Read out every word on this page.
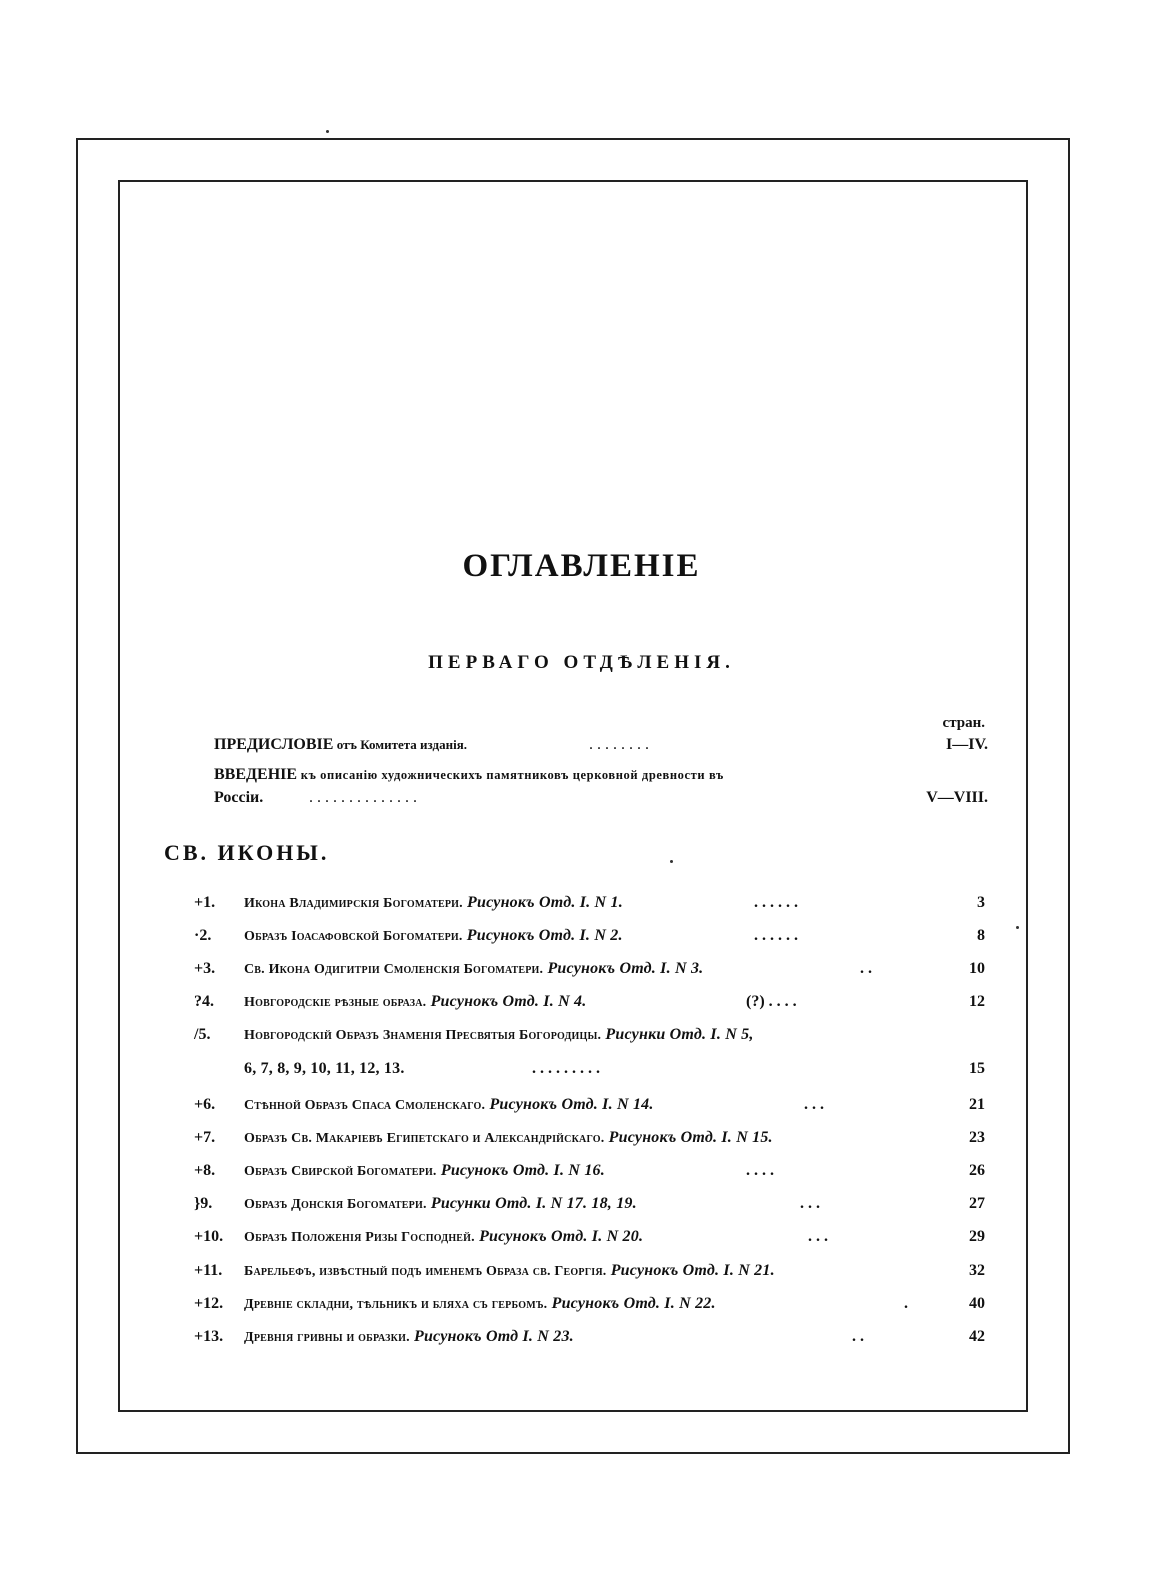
ОГЛАВЛЕНІЕ
ПЕРВАГО ОТДѢЛЕНІЯ.
стран.
ПРЕДИСЛОВІЕ отъ Комитета изданія.	. . . . . . . .	I—IV.
ВВЕДЕНІЕ къ описанію художническихъ памятниковъ церковной древности въ
Россіи.	. . . . . . . . . . . . . .	V—VIII.
СВ. ИКОНЫ.
+1.	Икона Владимирскія Богоматери. Рисунокъ Отд. I. N 1.	. . . . . .	3
·2.	Образъ Іоасафовской Богоматери. Рисунокъ Отд. I. N 2.	. . . . . .	8
+3.	Св. Икона Одигитріи Смоленскія Богоматери. Рисунокъ Отд. I. N 3.	. .	10
?4.	Новгородскіе рѣзные образа. Рисунокъ Отд. I. N 4.	(?) . . . .	12
/5.	Новгородскій Образъ Знаменія Пресвятыя Богородицы. Рисунки Отд. I. N 5,
6, 7, 8, 9, 10, 11, 12, 13.	. . . . . . . . .	15
+6.	Стѣнной Образъ Спаса Смоленскаго. Рисунокъ Отд. I. N 14.	. . .	21
+7.	Образъ Св. Макаріевъ Египетскаго и Александрійскаго. Рисунокъ Отд. I. N 15.	23
+8.	Образъ Свирской Богоматери. Рисунокъ Отд. I. N 16.	. . . .	26
}9.	Образъ Донскія Богоматери. Рисунки Отд. I. N 17. 18, 19.	. . .	27
+10.	Образъ Положенія Ризы Господней. Рисунокъ Отд. I. N 20.	. . .	29
+11.	Барельефъ, извѣстный подъ именемъ Образа св. Георгія. Рисунокъ Отд. I. N 21.	32
+12.	Древніе складни, тѣльникъ и бляха съ гербомъ. Рисунокъ Отд. I. N 22.	.	40
+13.	Древнія гривны и образки. Рисунокъ Отд I. N 23.	. .	42
